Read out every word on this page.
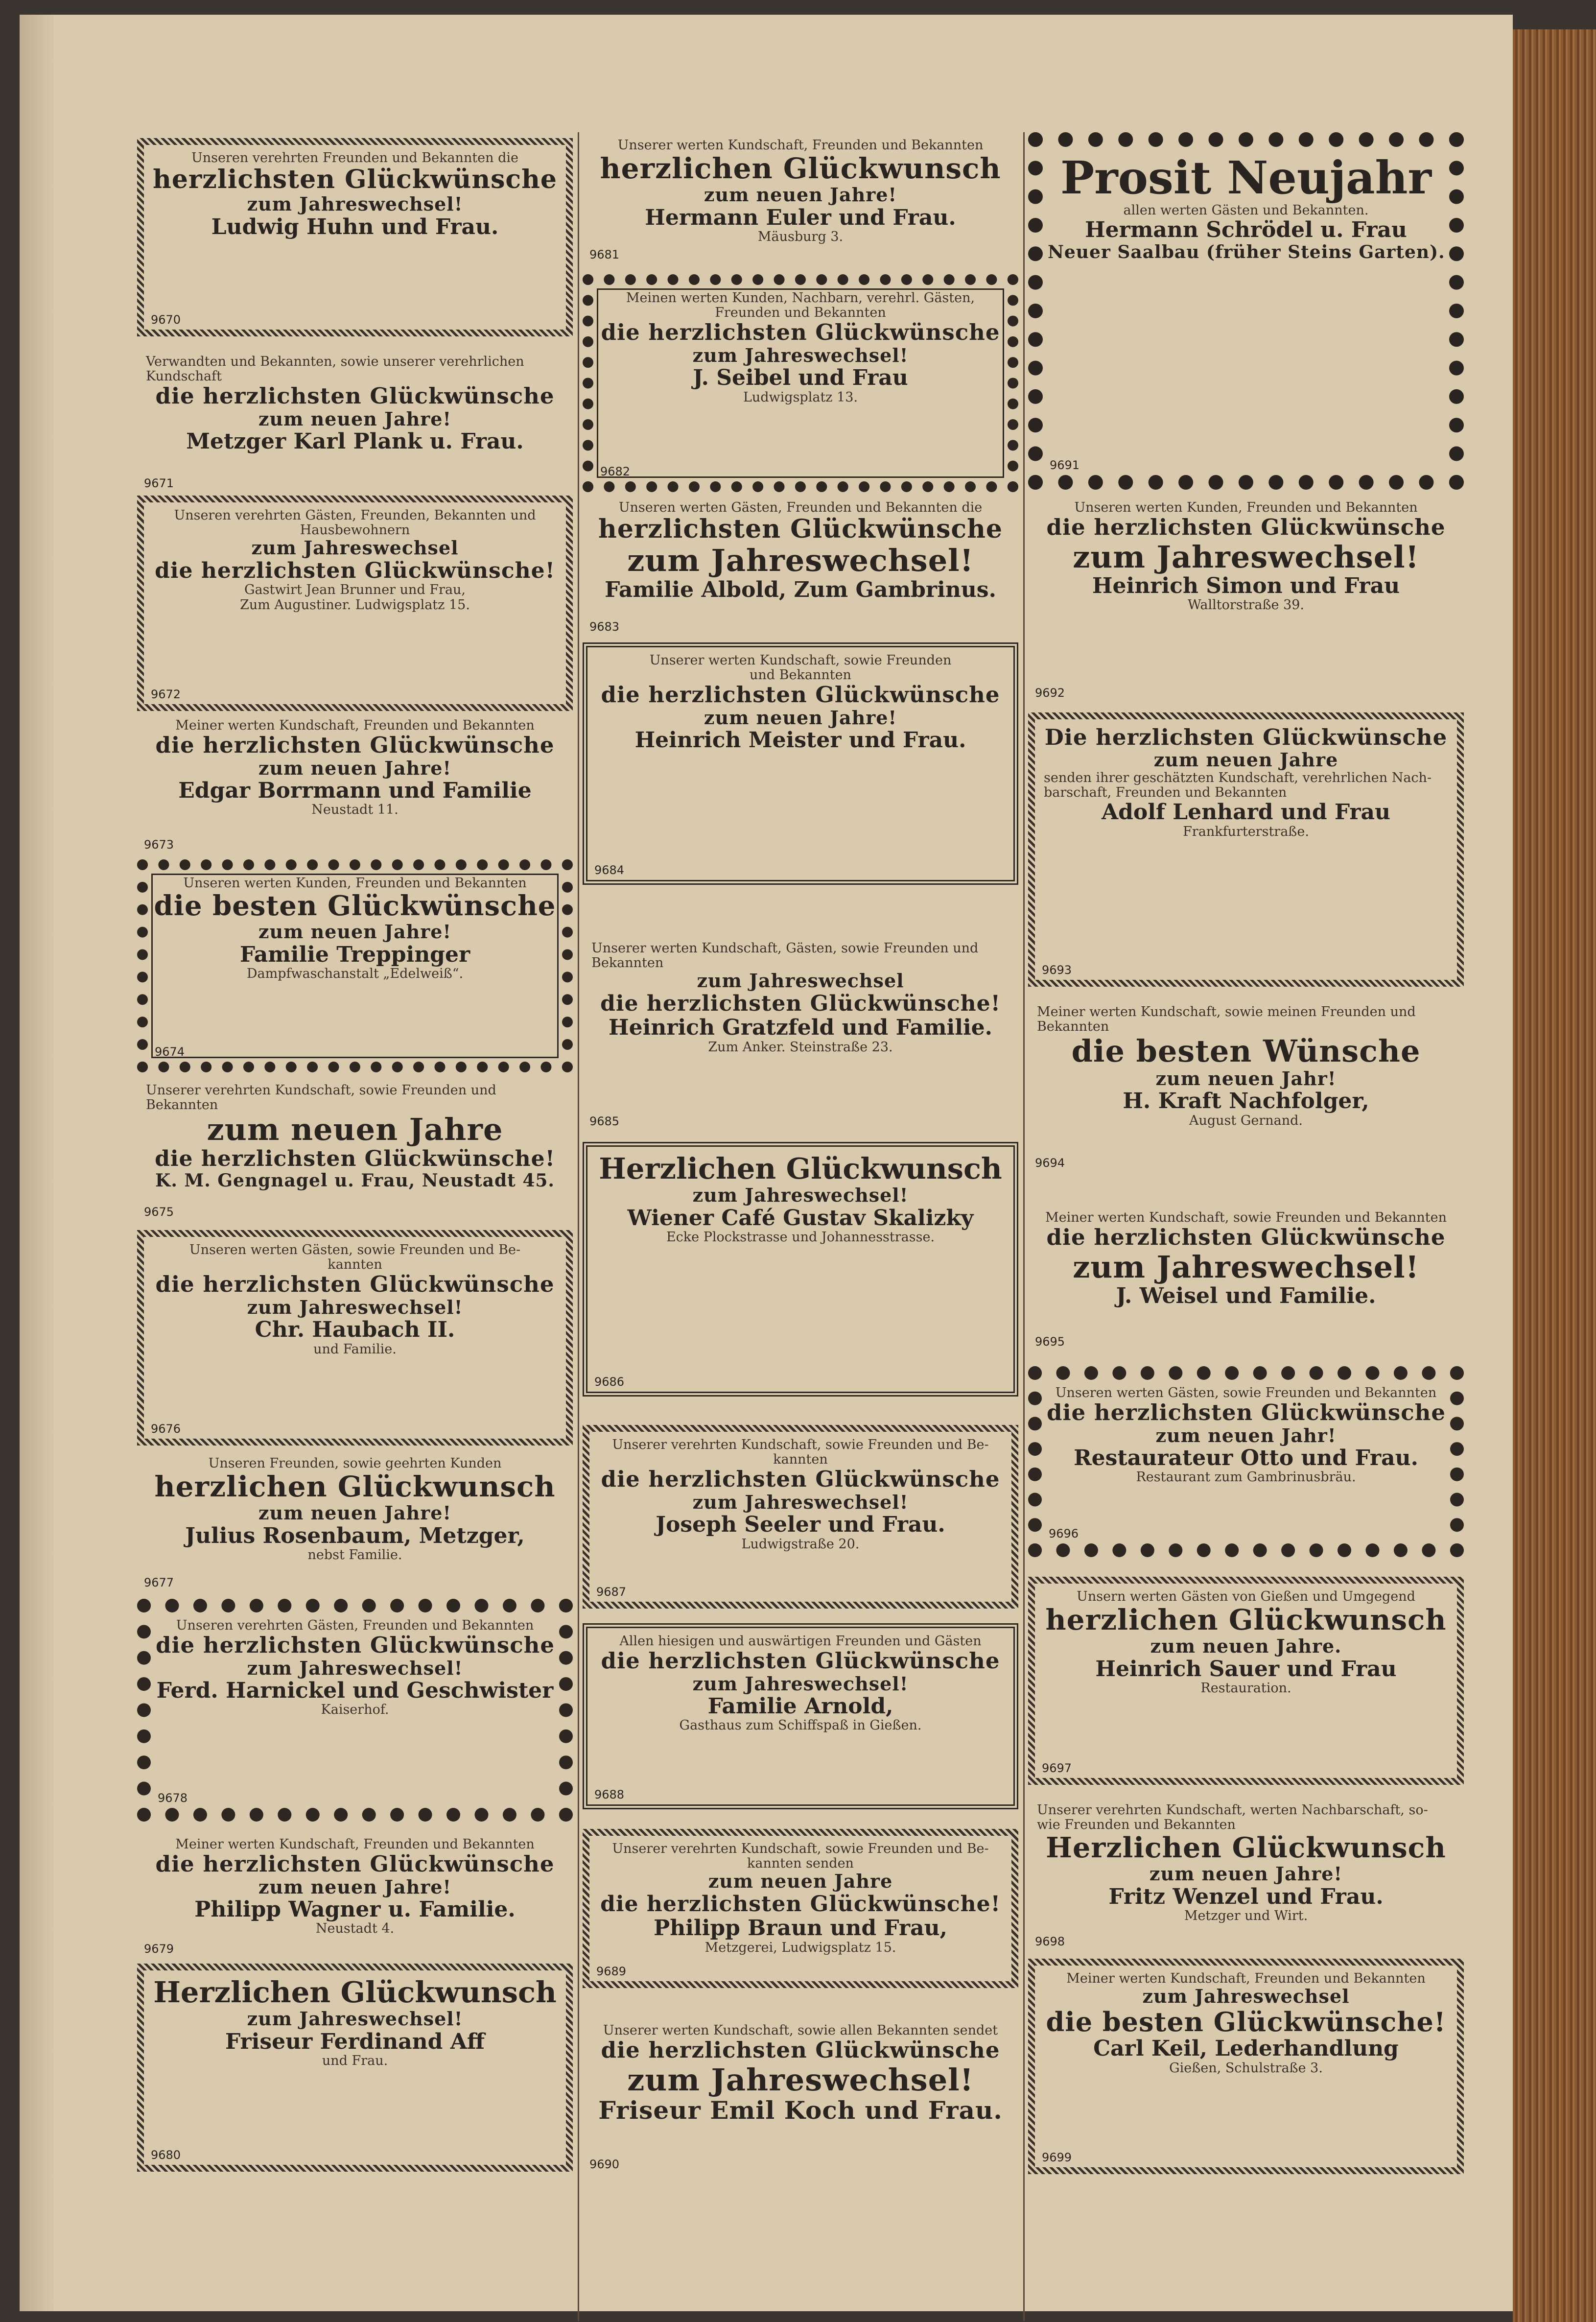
Unseren verehrten Freunden und Bekannten die
herzlichsten Glückwünsche
zum Jahreswechsel!
Ludwig Huhn und Frau.
9670
Verwandten und Bekannten, sowie unserer verehrlichen
Kundschaft
die herzlichsten Glückwünsche
zum neuen Jahre!
Metzger Karl Plank u. Frau.
9671
Unseren verehrten Gästen, Freunden, Bekannten und
Hausbewohnern
zum Jahreswechsel
die herzlichsten Glückwünsche!
Gastwirt Jean Brunner und Frau,
Zum Augustiner. Ludwigsplatz 15.
9672
Meiner werten Kundschaft, Freunden und Bekannten
die herzlichsten Glückwünsche
zum neuen Jahre!
Edgar Borrmann und Familie
Neustadt 11.
9673
Unseren werten Kunden, Freunden und Bekannten
die besten Glückwünsche
zum neuen Jahre!
Familie Treppinger
Dampfwaschanstalt „Edelweiß“.
9674
Unserer verehrten Kundschaft, sowie Freunden und
Bekannten
zum neuen Jahre
die herzlichsten Glückwünsche!
K. M. Gengnagel u. Frau, Neustadt 45.
9675
Unseren werten Gästen, sowie Freunden und Be-
kannten
die herzlichsten Glückwünsche
zum Jahreswechsel!
Chr. Haubach II.
und Familie.
9676
Unseren Freunden, sowie geehrten Kunden
herzlichen Glückwunsch
zum neuen Jahre!
Julius Rosenbaum, Metzger,
nebst Familie.
9677
Unseren verehrten Gästen, Freunden und Bekannten
die herzlichsten Glückwünsche
zum Jahreswechsel!
Ferd. Harnickel und Geschwister
Kaiserhof.
9678
Meiner werten Kundschaft, Freunden und Bekannten
die herzlichsten Glückwünsche
zum neuen Jahre!
Philipp Wagner u. Familie.
Neustadt 4.
9679
Herzlichen Glückwunsch
zum Jahreswechsel!
Friseur Ferdinand Aff
und Frau.
9680
Unserer werten Kundschaft, Freunden und Bekannten
herzlichen Glückwunsch
zum neuen Jahre!
Hermann Euler und Frau.
Mäusburg 3.
9681
Meinen werten Kunden, Nachbarn, verehrl. Gästen,
Freunden und Bekannten
die herzlichsten Glückwünsche
zum Jahreswechsel!
J. Seibel und Frau
Ludwigsplatz 13.
9682
Unseren werten Gästen, Freunden und Bekannten die
herzlichsten Glückwünsche
zum Jahreswechsel!
Familie Albold, Zum Gambrinus.
9683
Unserer werten Kundschaft, sowie Freunden
und Bekannten
die herzlichsten Glückwünsche
zum neuen Jahre!
Heinrich Meister und Frau.
9684
Unserer werten Kundschaft, Gästen, sowie Freunden und
Bekannten
zum Jahreswechsel
die herzlichsten Glückwünsche!
Heinrich Gratzfeld und Familie.
Zum Anker. Steinstraße 23.
9685
Herzlichen Glückwunsch
zum Jahreswechsel!
Wiener Café Gustav Skalizky
Ecke Plockstrasse und Johannesstrasse.
9686
Unserer verehrten Kundschaft, sowie Freunden und Be-
kannten
die herzlichsten Glückwünsche
zum Jahreswechsel!
Joseph Seeler und Frau.
Ludwigstraße 20.
9687
Allen hiesigen und auswärtigen Freunden und Gästen
die herzlichsten Glückwünsche
zum Jahreswechsel!
Familie Arnold,
Gasthaus zum Schiffspaß in Gießen.
9688
Unserer verehrten Kundschaft, sowie Freunden und Be-
kannten senden
zum neuen Jahre
die herzlichsten Glückwünsche!
Philipp Braun und Frau,
Metzgerei, Ludwigsplatz 15.
9689
Unserer werten Kundschaft, sowie allen Bekannten sendet
die herzlichsten Glückwünsche
zum Jahreswechsel!
Friseur Emil Koch und Frau.
9690
Prosit Neujahr
allen werten Gästen und Bekannten.
Hermann Schrödel u. Frau
Neuer Saalbau (früher Steins Garten).
9691
Unseren werten Kunden, Freunden und Bekannten
die herzlichsten Glückwünsche
zum Jahreswechsel!
Heinrich Simon und Frau
Walltorstraße 39.
9692
Die herzlichsten Glückwünsche
zum neuen Jahre
senden ihrer geschätzten Kundschaft, verehrlichen Nach-
barschaft, Freunden und Bekannten
Adolf Lenhard und Frau
Frankfurterstraße.
9693
Meiner werten Kundschaft, sowie meinen Freunden und
Bekannten
die besten Wünsche
zum neuen Jahr!
H. Kraft Nachfolger,
August Gernand.
9694
Meiner werten Kundschaft, sowie Freunden und Bekannten
die herzlichsten Glückwünsche
zum Jahreswechsel!
J. Weisel und Familie.
9695
Unseren werten Gästen, sowie Freunden und Bekannten
die herzlichsten Glückwünsche
zum neuen Jahr!
Restaurateur Otto und Frau.
Restaurant zum Gambrinusbräu.
9696
Unsern werten Gästen von Gießen und Umgegend
herzlichen Glückwunsch
zum neuen Jahre.
Heinrich Sauer und Frau
Restauration.
9697
Unserer verehrten Kundschaft, werten Nachbarschaft, so-
wie Freunden und Bekannten
Herzlichen Glückwunsch
zum neuen Jahre!
Fritz Wenzel und Frau.
Metzger und Wirt.
9698
Meiner werten Kundschaft, Freunden und Bekannten
zum Jahreswechsel
die besten Glückwünsche!
Carl Keil, Lederhandlung
Gießen, Schulstraße 3.
9699
